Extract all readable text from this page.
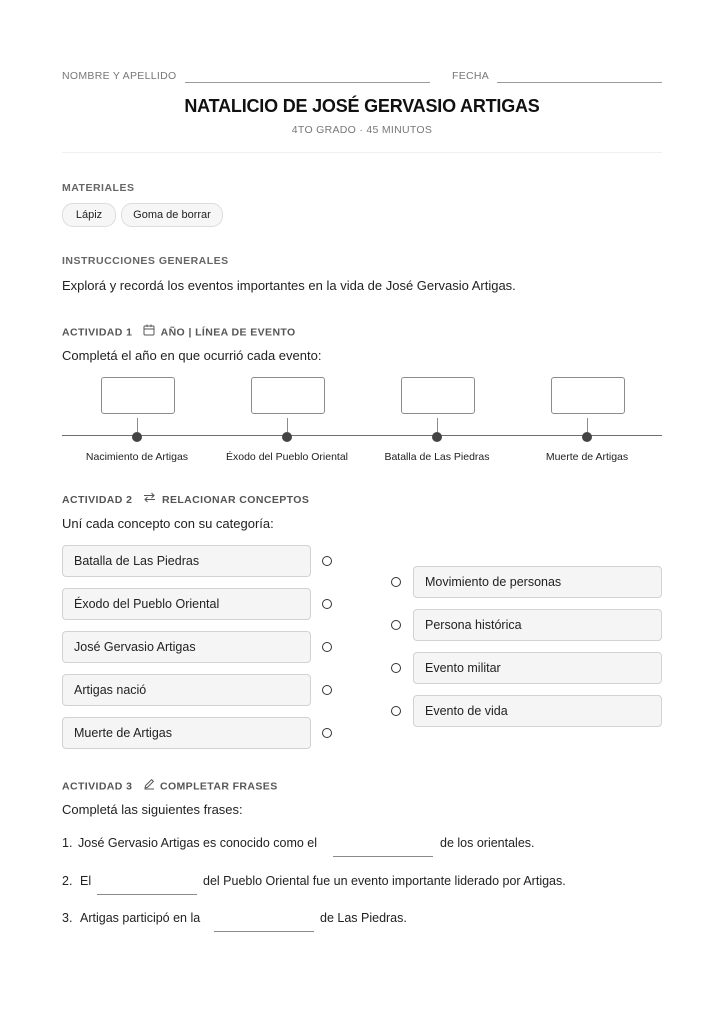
NOMBRE Y APELLIDO	FECHA
NATALICIO DE JOSÉ GERVASIO ARTIGAS
4TO GRADO · 45 MINUTOS
MATERIALES
Lápiz	Goma de borrar
INSTRUCCIONES GENERALES
Explorá y recordá los eventos importantes en la vida de José Gervasio Artigas.
ACTIVIDAD 1	AÑO | LÍNEA DE EVENTO
Completá el año en que ocurrió cada evento:
Nacimiento de Artigas	Éxodo del Pueblo Oriental	Batalla de Las Piedras	Muerte de Artigas
ACTIVIDAD 2	RELACIONAR CONCEPTOS
Uní cada concepto con su categoría:
Batalla de Las Piedras
Éxodo del Pueblo Oriental
José Gervasio Artigas
Artigas nació
Muerte de Artigas
Movimiento de personas
Persona histórica
Evento militar
Evento de vida
ACTIVIDAD 3	COMPLETAR FRASES
Completá las siguientes frases:
1. José Gervasio Artigas es conocido como el	de los orientales.
2. El	del Pueblo Oriental fue un evento importante liderado por Artigas.
3. Artigas participó en la	de Las Piedras.
